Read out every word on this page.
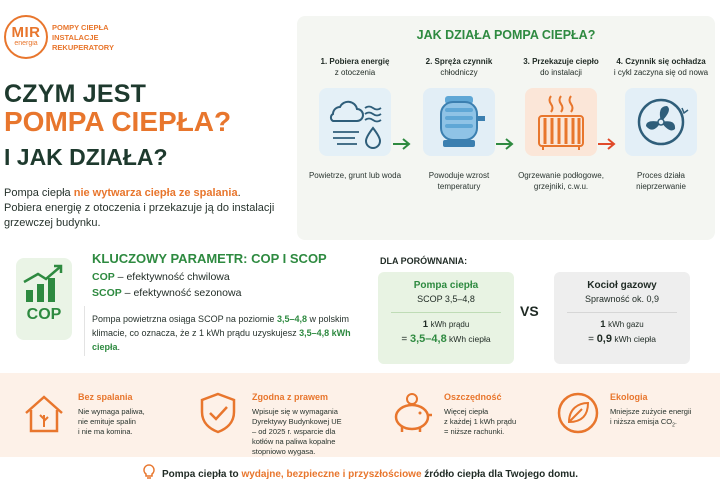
MIR
energia
POMPY CIEPŁA
INSTALACJE
REKUPERATORY
CZYM JEST
POMPA CIEPŁA?
I JAK DZIAŁA?
Pompa ciepła nie wytwarza ciepła ze spalania.
Pobiera energię z otoczenia i przekazuje ją do instalacji grzewczej budynku.
JAK DZIAŁA POMPA CIEPŁA?
1. Pobiera energię
z otoczenia
Powietrze, grunt lub woda
2. Spręża czynnik
chłodniczy
Powoduje wzrost temperatury
3. Przekazuje ciepło
do instalacji
Ogrzewanie podłogowe, grzejniki, c.w.u.
4. Czynnik się ochładza
i cykl zaczyna się od nowa
Proces działa nieprzerwanie
COP
KLUCZOWY PARAMETR: COP I SCOP
COP – efektywność chwilowa
SCOP – efektywność sezonowa
Pompa powietrzna osiąga SCOP na poziomie 3,5–4,8 w polskim klimacie, co oznacza, że z 1 kWh prądu uzyskujesz 3,5–4,8 kWh ciepła.
DLA PORÓWNANIA:
Pompa ciepła
SCOP 3,5–4,8
1 kWh prądu
= 3,5–4,8 kWh ciepła
VS
Kocioł gazowy
Sprawność ok. 0,9
1 kWh gazu
= 0,9 kWh ciepła
Bez spalania
Nie wymaga paliwa,
nie emituje spalin
i nie ma komina.
Zgodna z prawem
Wpisuje się w wymagania
Dyrektywy Budynkowej UE
– od 2025 r. wsparcie dla
kotłów na paliwa kopalne
stopniowo wygasa.
Oszczędność
Więcej ciepła
z każdej 1 kWh prądu
= niższe rachunki.
Ekologia
Mniejsze zużycie energii
i niższa emisja $CO_2$.
Pompa ciepła to wydajne, bezpieczne i przyszłościowe źródło ciepła dla Twojego domu.
